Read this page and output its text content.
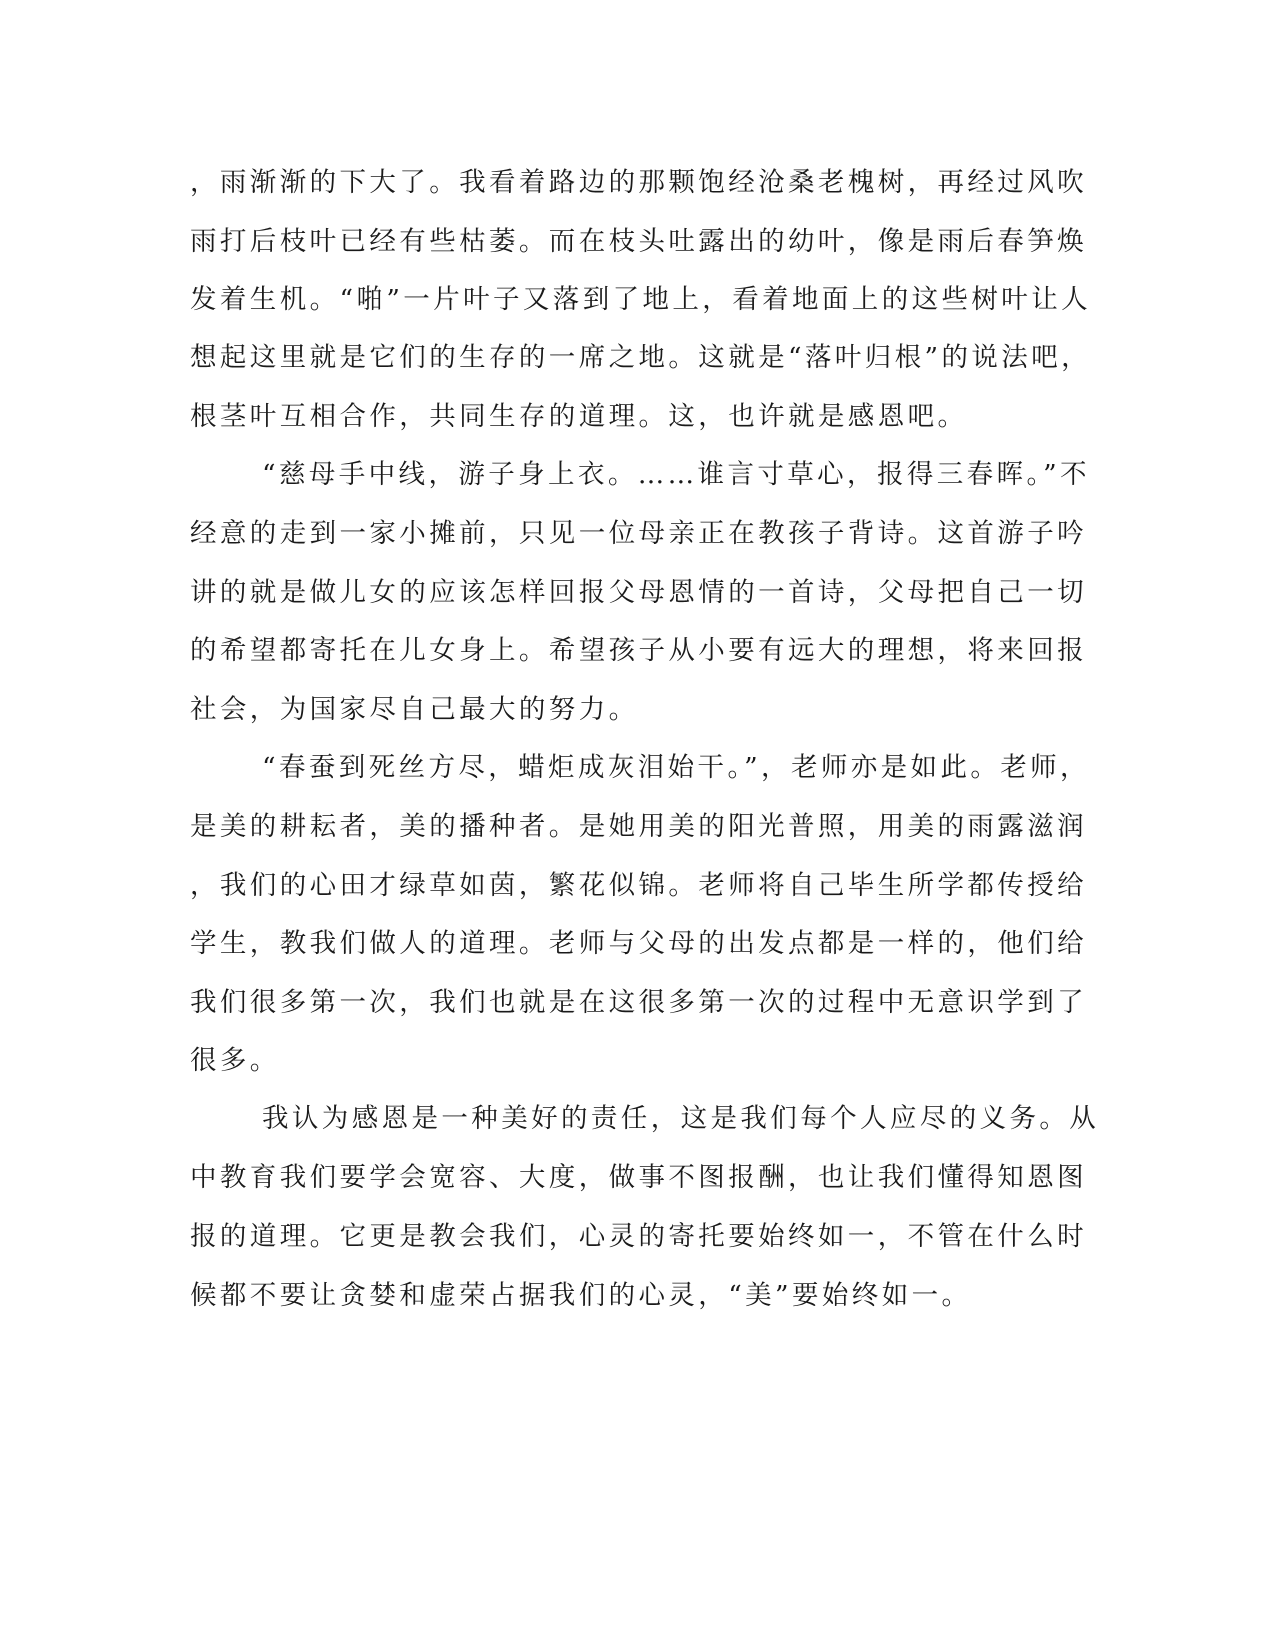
，雨渐渐的下大了。我看着路边的那颗饱经沧桑老槐树，再经过风吹
雨打后枝叶已经有些枯萎。而在枝头吐露出的幼叶，像是雨后春笋焕
发着生机。“啪”一片叶子又落到了地上，看着地面上的这些树叶让人
想起这里就是它们的生存的一席之地。这就是“落叶归根”的说法吧，
根茎叶互相合作，共同生存的道理。这，也许就是感恩吧。
“慈母手中线，游子身上衣。……谁言寸草心，报得三春晖。”不
经意的走到一家小摊前，只见一位母亲正在教孩子背诗。这首游子吟
讲的就是做儿女的应该怎样回报父母恩情的一首诗，父母把自己一切
的希望都寄托在儿女身上。希望孩子从小要有远大的理想，将来回报
社会，为国家尽自己最大的努力。
“春蚕到死丝方尽，蜡炬成灰泪始干。”，老师亦是如此。老师，
是美的耕耘者，美的播种者。是她用美的阳光普照，用美的雨露滋润
，我们的心田才绿草如茵，繁花似锦。老师将自己毕生所学都传授给
学生，教我们做人的道理。老师与父母的出发点都是一样的，他们给
我们很多第一次，我们也就是在这很多第一次的过程中无意识学到了
很多。
我认为感恩是一种美好的责任，这是我们每个人应尽的义务。从
中教育我们要学会宽容、大度，做事不图报酬，也让我们懂得知恩图
报的道理。它更是教会我们，心灵的寄托要始终如一，不管在什么时
候都不要让贪婪和虚荣占据我们的心灵，“美”要始终如一。
